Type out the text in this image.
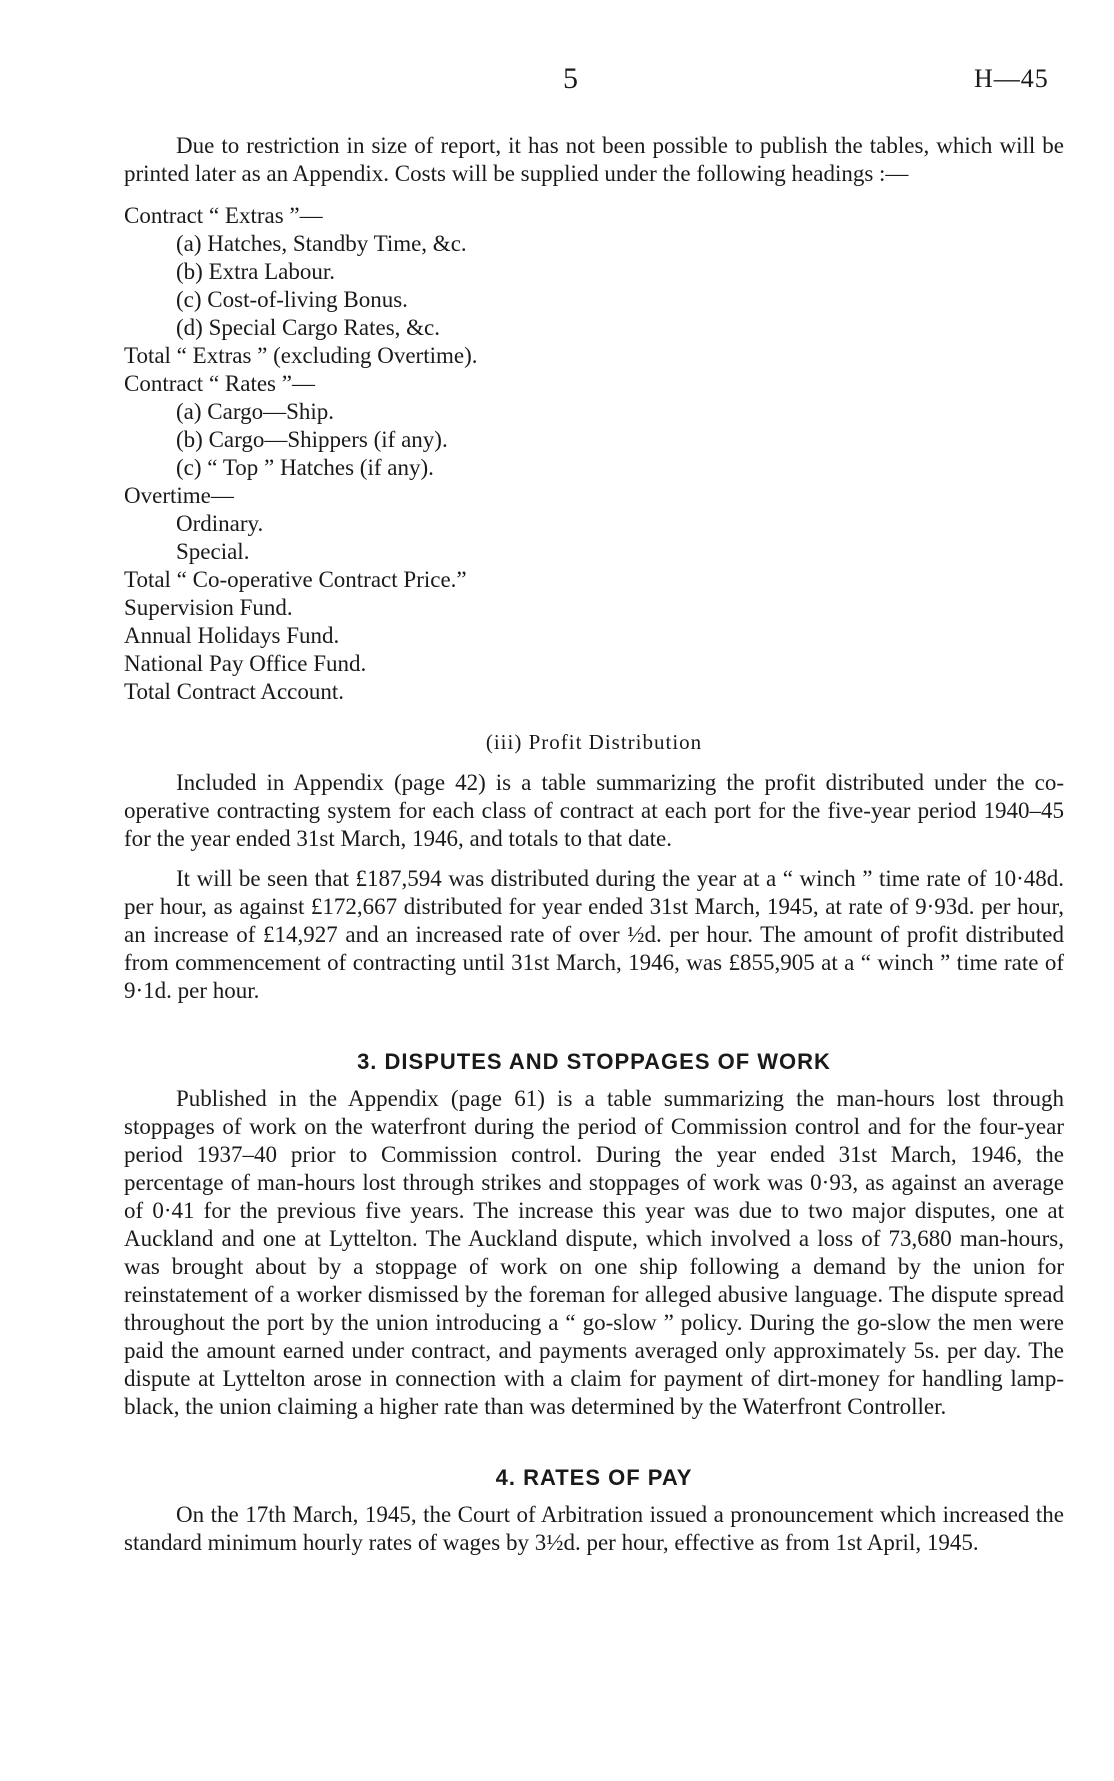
5	H—45

Due to restriction in size of report, it has not been possible to publish the tables, which will be printed later as an Appendix. Costs will be supplied under the following headings :—

Contract “ Extras ”—
(a) Hatches, Standby Time, &c.
(b) Extra Labour.
(c) Cost-of-living Bonus.
(d) Special Cargo Rates, &c.
Total “ Extras ” (excluding Overtime).
Contract “ Rates ”—
(a) Cargo—Ship.
(b) Cargo—Shippers (if any).
(c) “ Top ” Hatches (if any).
Overtime—
Ordinary.
Special.
Total “ Co-operative Contract Price.”
Supervision Fund.
Annual Holidays Fund.
National Pay Office Fund.
Total Contract Account.
(iii) Profit Distribution

Included in Appendix (page 42) is a table summarizing the profit distributed under the co-operative contracting system for each class of contract at each port for the five-year period 1940–45 for the year ended 31st March, 1946, and totals to that date.

It will be seen that £187,594 was distributed during the year at a “ winch ” time rate of 10·48d. per hour, as against £172,667 distributed for year ended 31st March, 1945, at rate of 9·93d. per hour, an increase of £14,927 and an increased rate of over ½d. per hour. The amount of profit distributed from commencement of contracting until 31st March, 1946, was £855,905 at a “ winch ” time rate of 9·1d. per hour.

3. DISPUTES AND STOPPAGES OF WORK

Published in the Appendix (page 61) is a table summarizing the man-hours lost through stoppages of work on the waterfront during the period of Commission control and for the four-year period 1937–40 prior to Commission control. During the year ended 31st March, 1946, the percentage of man-hours lost through strikes and stoppages of work was 0·93, as against an average of 0·41 for the previous five years. The increase this year was due to two major disputes, one at Auckland and one at Lyttelton. The Auckland dispute, which involved a loss of 73,680 man-hours, was brought about by a stoppage of work on one ship following a demand by the union for reinstatement of a worker dismissed by the foreman for alleged abusive language. The dispute spread throughout the port by the union introducing a “ go-slow ” policy. During the go-slow the men were paid the amount earned under contract, and payments averaged only approximately 5s. per day. The dispute at Lyttelton arose in connection with a claim for payment of dirt-money for handling lamp-black, the union claiming a higher rate than was determined by the Waterfront Controller.

4. RATES OF PAY

On the 17th March, 1945, the Court of Arbitration issued a pronouncement which increased the standard minimum hourly rates of wages by 3½d. per hour, effective as from 1st April, 1945.
